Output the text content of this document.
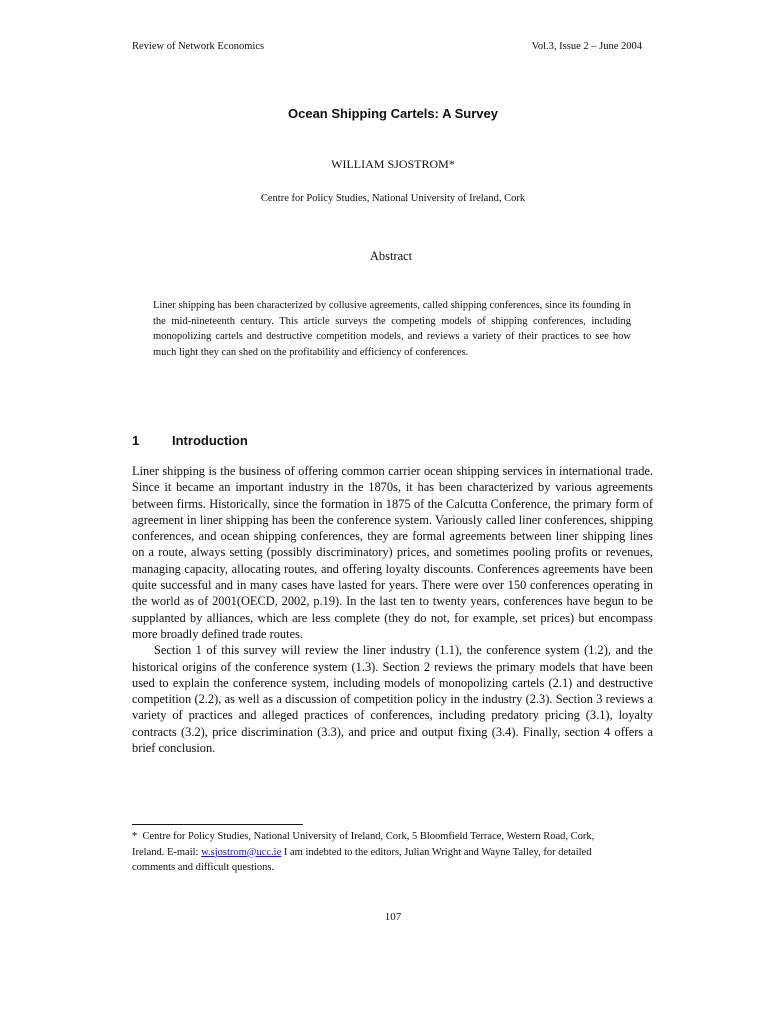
Review of Network Economics	Vol.3, Issue 2 – June 2004
Ocean Shipping Cartels: A Survey
WILLIAM SJOSTROM*
Centre for Policy Studies, National University of Ireland, Cork
Abstract
Liner shipping has been characterized by collusive agreements, called shipping conferences, since its founding in the mid-nineteenth century. This article surveys the competing models of shipping conferences, including monopolizing cartels and destructive competition models, and reviews a variety of their practices to see how much light they can shed on the profitability and efficiency of conferences.
1	Introduction

Liner shipping is the business of offering common carrier ocean shipping services in international trade. Since it became an important industry in the 1870s, it has been characterized by various agreements between firms. Historically, since the formation in 1875 of the Calcutta Conference, the primary form of agreement in liner shipping has been the conference system. Variously called liner conferences, shipping conferences, and ocean shipping conferences, they are formal agreements between liner shipping lines on a route, always setting (possibly discriminatory) prices, and sometimes pooling profits or revenues, managing capacity, allocating routes, and offering loyalty discounts. Conferences agreements have been quite successful and in many cases have lasted for years. There were over 150 conferences operating in the world as of 2001(OECD, 2002, p.19). In the last ten to twenty years, conferences have begun to be supplanted by alliances, which are less complete (they do not, for example, set prices) but encompass more broadly defined trade routes.

Section 1 of this survey will review the liner industry (1.1), the conference system (1.2), and the historical origins of the conference system (1.3). Section 2 reviews the primary models that have been used to explain the conference system, including models of monopolizing cartels (2.1) and destructive competition (2.2), as well as a discussion of competition policy in the industry (2.3). Section 3 reviews a variety of practices and alleged practices of conferences, including predatory pricing (3.1), loyalty contracts (3.2), price discrimination (3.3), and price and output fixing (3.4). Finally, section 4 offers a brief conclusion.

* Centre for Policy Studies, National University of Ireland, Cork, 5 Bloomfield Terrace, Western Road, Cork, Ireland. E-mail: w.sjostrom@ucc.ie I am indebted to the editors, Julian Wright and Wayne Talley, for detailed comments and difficult questions.
107
